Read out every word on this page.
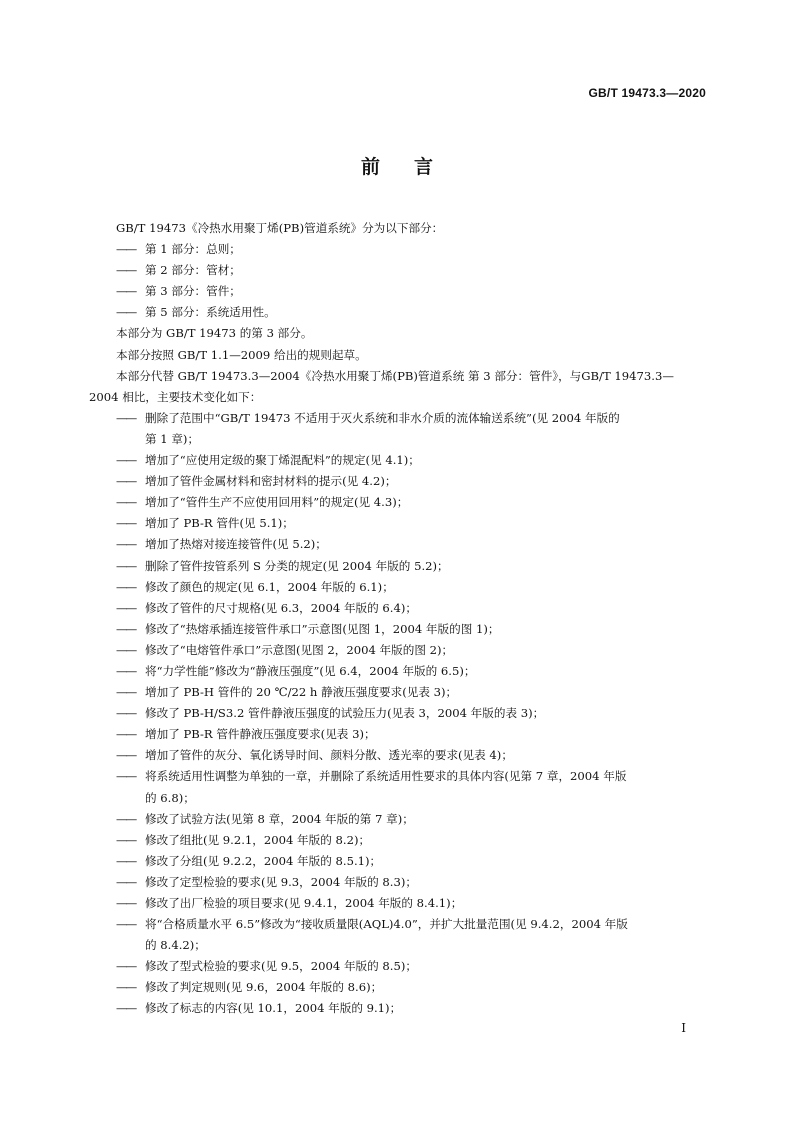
GB/T 19473.3—2020
前言
GB/T 19473《冷热水用聚丁烯(PB)管道系统》分为以下部分：
—— 第 1 部分：总则；
—— 第 2 部分：管材；
—— 第 3 部分：管件；
—— 第 5 部分：系统适用性。
本部分为 GB/T 19473 的第 3 部分。
本部分按照 GB/T 1.1—2009 给出的规则起草。
本部分代替 GB/T 19473.3—2004《冷热水用聚丁烯(PB)管道系统 第 3 部分：管件》，与GB/T 19473.3—
2004 相比，主要技术变化如下：
—— 删除了范围中“GB/T 19473 不适用于灭火系统和非水介质的流体输送系统”(见 2004 年版的
第 1 章)；
—— 增加了“应使用定级的聚丁烯混配料”的规定(见 4.1)；
—— 增加了管件金属材料和密封材料的提示(见 4.2)；
—— 增加了“管件生产不应使用回用料”的规定(见 4.3)；
—— 增加了 PB-R 管件(见 5.1)；
—— 增加了热熔对接连接管件(见 5.2)；
—— 删除了管件按管系列 S 分类的规定(见 2004 年版的 5.2)；
—— 修改了颜色的规定(见 6.1，2004 年版的 6.1)；
—— 修改了管件的尺寸规格(见 6.3，2004 年版的 6.4)；
—— 修改了“热熔承插连接管件承口”示意图(见图 1，2004 年版的图 1)；
—— 修改了“电熔管件承口”示意图(见图 2，2004 年版的图 2)；
—— 将“力学性能”修改为“静液压强度”(见 6.4，2004 年版的 6.5)；
—— 增加了 PB-H 管件的 20 ℃/22 h 静液压强度要求(见表 3)；
—— 修改了 PB-H/S3.2 管件静液压强度的试验压力(见表 3，2004 年版的表 3)；
—— 增加了 PB-R 管件静液压强度要求(见表 3)；
—— 增加了管件的灰分、氧化诱导时间、颜料分散、透光率的要求(见表 4)；
—— 将系统适用性调整为单独的一章，并删除了系统适用性要求的具体内容(见第 7 章，2004 年版
的 6.8)；
—— 修改了试验方法(见第 8 章，2004 年版的第 7 章)；
—— 修改了组批(见 9.2.1，2004 年版的 8.2)；
—— 修改了分组(见 9.2.2，2004 年版的 8.5.1)；
—— 修改了定型检验的要求(见 9.3，2004 年版的 8.3)；
—— 修改了出厂检验的项目要求(见 9.4.1，2004 年版的 8.4.1)；
—— 将“合格质量水平 6.5”修改为“接收质量限(AQL)4.0”，并扩大批量范围(见 9.4.2，2004 年版
的 8.4.2)；
—— 修改了型式检验的要求(见 9.5，2004 年版的 8.5)；
—— 修改了判定规则(见 9.6，2004 年版的 8.6)；
—— 修改了标志的内容(见 10.1，2004 年版的 9.1)；
I
